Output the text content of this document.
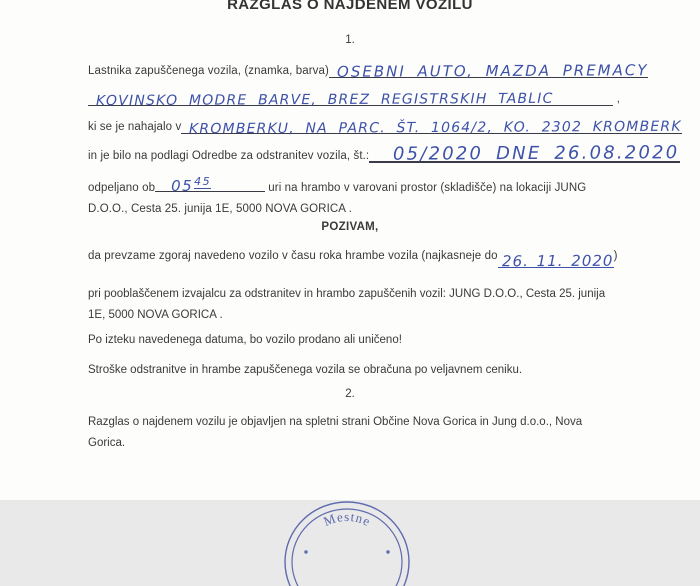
RAZGLAS O NAJDENEM VOZILU
1.
Lastnika zapuščenega vozila, (znamka, barva) OSEBNI AUTO, MAZDA PREMACY
KOVINSKO MODRE BARVE, BREZ REGISTRSKIH TABLIC	,
ki se je nahajalo v KROMBERKU, NA PARC. ŠT. 1064/2, KO. 2302 KROMBERK
in je bilo na podlagi Odredbe za odstranitev vozila, št.:	05/2020 DNE 26.08.2020
odpeljano ob 0545	uri na hrambo v varovani prostor (skladišče) na lokaciji JUNG D.O.O., Cesta 25. junija 1E, 5000 NOVA GORICA .
POZIVAM,
da prevzame zgoraj navedeno vozilo v času roka hrambe vozila (najkasneje do 26. 11. 2020 )
pri pooblaščenem izvajalcu za odstranitev in hrambo zapuščenih vozil: JUNG D.O.O., Cesta 25. junija 1E, 5000 NOVA GORICA .
Po izteku navedenega datuma, bo vozilo prodano ali uničeno!
Stroške odstranitve in hrambe zapuščenega vozila se obračuna po veljavnem ceniku.
2.
Razglas o najdenem vozilu je objavljen na spletni strani Občine Nova Gorica in Jung d.o.o., Nova Gorica.
Mestne
